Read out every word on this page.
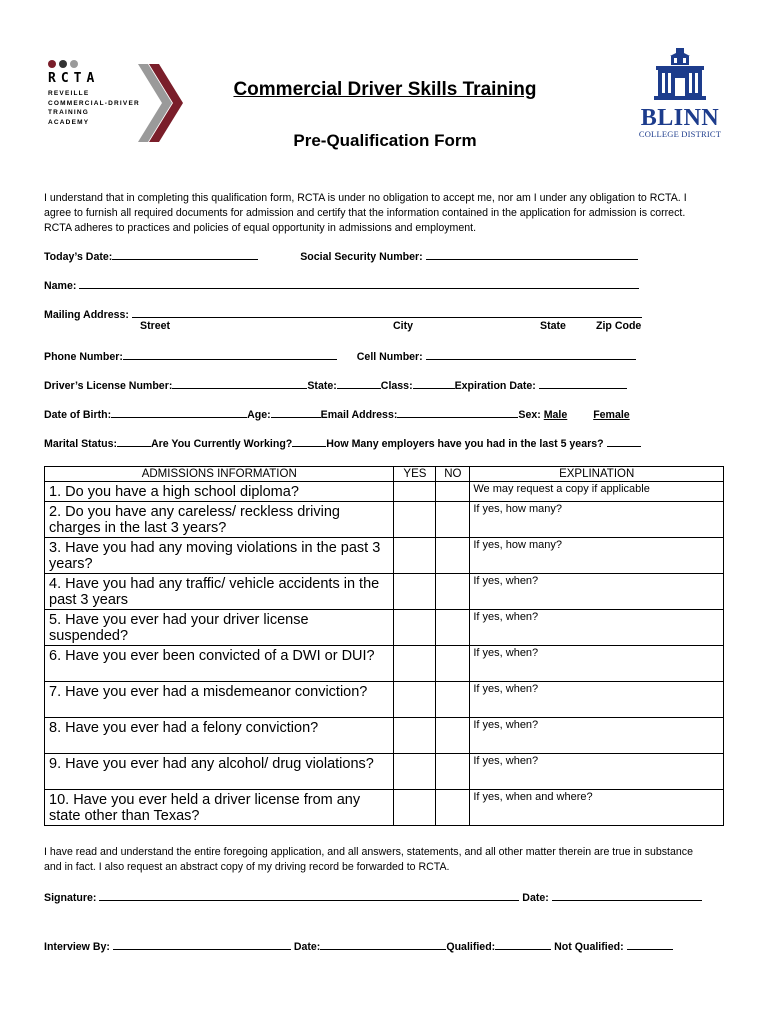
RCTA
REVEILLE
COMMERCIAL-DRIVER
TRAINING
ACADEMY	BLINN
COLLEGE DISTRICT
Commercial Driver Skills Training
Pre-Qualification Form
I understand that in completing this qualification form, RCTA is under no obligation to accept me, nor am I under any obligation to RCTA. I agree to furnish all required documents for admission and certify that the information contained in the application for admission is correct. RCTA adheres to practices and policies of equal opportunity in admissions and employment.
Today’s Date:	Social Security Number:
Name:
Mailing Address:
Street	City	State	Zip Code
Phone Number:	Cell Number:
Driver’s License Number:	State:	Class:	Expiration Date:
Date of Birth:	Age:	Email Address:	Sex: Male Female
Marital Status:	Are You Currently Working?	How Many employers have you had in the last 5 years?
ADMISSIONS INFORMATION	YES	NO	EXPLINATION
1. Do you have a high school diploma?			We may request a copy if applicable
2. Do you have any careless/ reckless driving charges in the last 3 years?			If yes, how many?
3. Have you had any moving violations in the past 3 years?			If yes, how many?
4. Have you had any traffic/ vehicle accidents in the past 3 years			If yes, when?
5. Have you ever had your driver license suspended?			If yes, when?
6. Have you ever been convicted of a DWI or DUI?			If yes, when?
7. Have you ever had a misdemeanor conviction?			If yes, when?
8. Have you ever had a felony conviction?			If yes, when?
9. Have you ever had any alcohol/ drug violations?			If yes, when?
10. Have you ever held a driver license from any state other than Texas?			If yes, when and where?
I have read and understand the entire foregoing application, and all answers, statements, and all other matter therein are true in substance and in fact. I also request an abstract copy of my driving record be forwarded to RCTA.
Signature:	Date:
Interview By:	Date:	Qualified:	Not Qualified:
